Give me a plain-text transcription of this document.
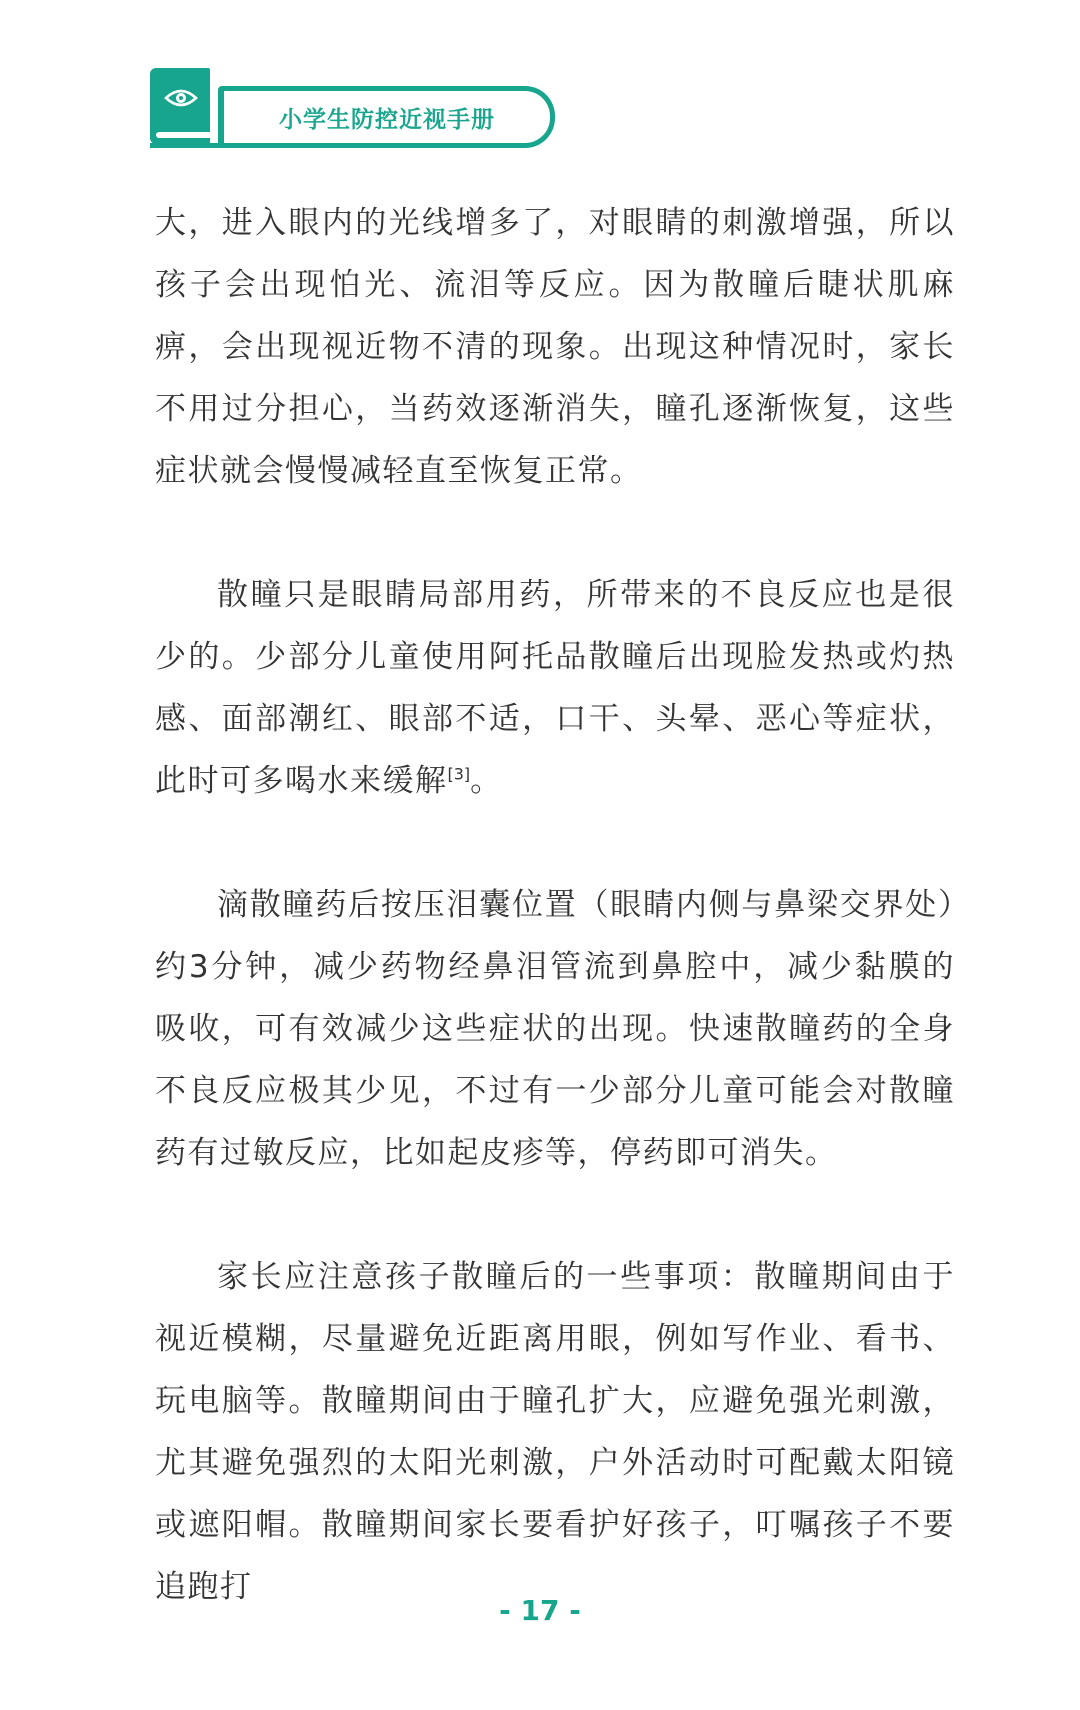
小学生防控近视手册

大，进入眼内的光线增多了，对眼睛的刺激增强，所以孩子会出现怕光、流泪等反应。因为散瞳后睫状肌麻痹，会出现视近物不清的现象。出现这种情况时，家长不用过分担心，当药效逐渐消失，瞳孔逐渐恢复，这些症状就会慢慢减轻直至恢复正常。

散瞳只是眼睛局部用药，所带来的不良反应也是很少的。少部分儿童使用阿托品散瞳后出现脸发热或灼热感、面部潮红、眼部不适，口干、头晕、恶心等症状，此时可多喝水来缓解[3]。

滴散瞳药后按压泪囊位置（眼睛内侧与鼻梁交界处）约3分钟，减少药物经鼻泪管流到鼻腔中，减少黏膜的吸收，可有效减少这些症状的出现。快速散瞳药的全身不良反应极其少见，不过有一少部分儿童可能会对散瞳药有过敏反应，比如起皮疹等，停药即可消失。

家长应注意孩子散瞳后的一些事项：散瞳期间由于视近模糊，尽量避免近距离用眼，例如写作业、看书、玩电脑等。散瞳期间由于瞳孔扩大，应避免强光刺激，尤其避免强烈的太阳光刺激，户外活动时可配戴太阳镜或遮阳帽。散瞳期间家长要看护好孩子，叮嘱孩子不要追跑打

- 17 -
